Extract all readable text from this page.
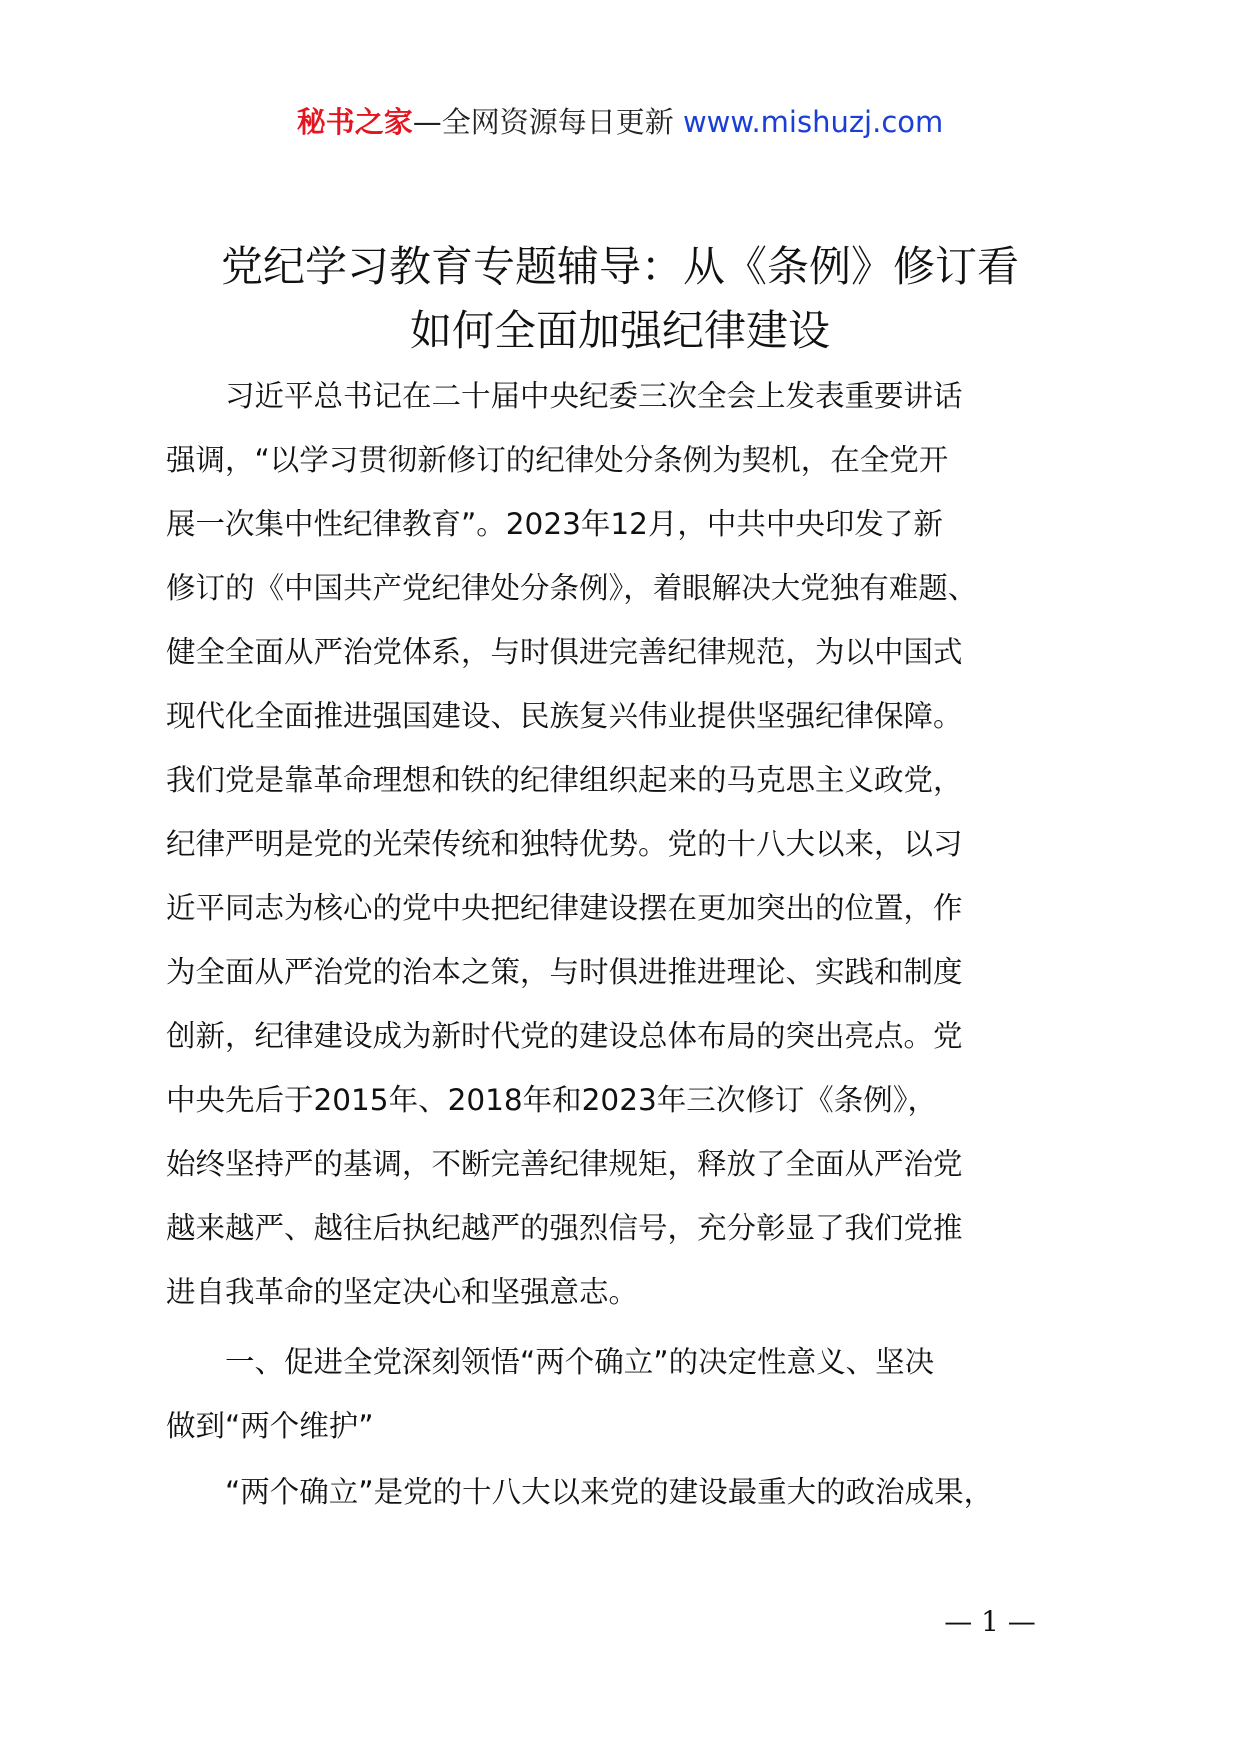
秘书之家—全网资源每日更新 www.mishuzj.com
党纪学习教育专题辅导：从《条例》修订看
如何全面加强纪律建设
　　习近平总书记在二十届中央纪委三次全会上发表重要讲话
强调，“以学习贯彻新修订的纪律处分条例为契机，在全党开
展一次集中性纪律教育”。2023年12月，中共中央印发了新
修订的《中国共产党纪律处分条例》，着眼解决大党独有难题、
健全全面从严治党体系，与时俱进完善纪律规范，为以中国式
现代化全面推进强国建设、民族复兴伟业提供坚强纪律保障。
我们党是靠革命理想和铁的纪律组织起来的马克思主义政党，
纪律严明是党的光荣传统和独特优势。党的十八大以来，以习
近平同志为核心的党中央把纪律建设摆在更加突出的位置，作
为全面从严治党的治本之策，与时俱进推进理论、实践和制度
创新，纪律建设成为新时代党的建设总体布局的突出亮点。党
中央先后于2015年、2018年和2023年三次修订《条例》，
始终坚持严的基调，不断完善纪律规矩，释放了全面从严治党
越来越严、越往后执纪越严的强烈信号，充分彰显了我们党推
进自我革命的坚定决心和坚强意志。
　　一、促进全党深刻领悟“两个确立”的决定性意义、坚决
做到“两个维护”
　　“两个确立”是党的十八大以来党的建设最重大的政治成果，
— 1 —
